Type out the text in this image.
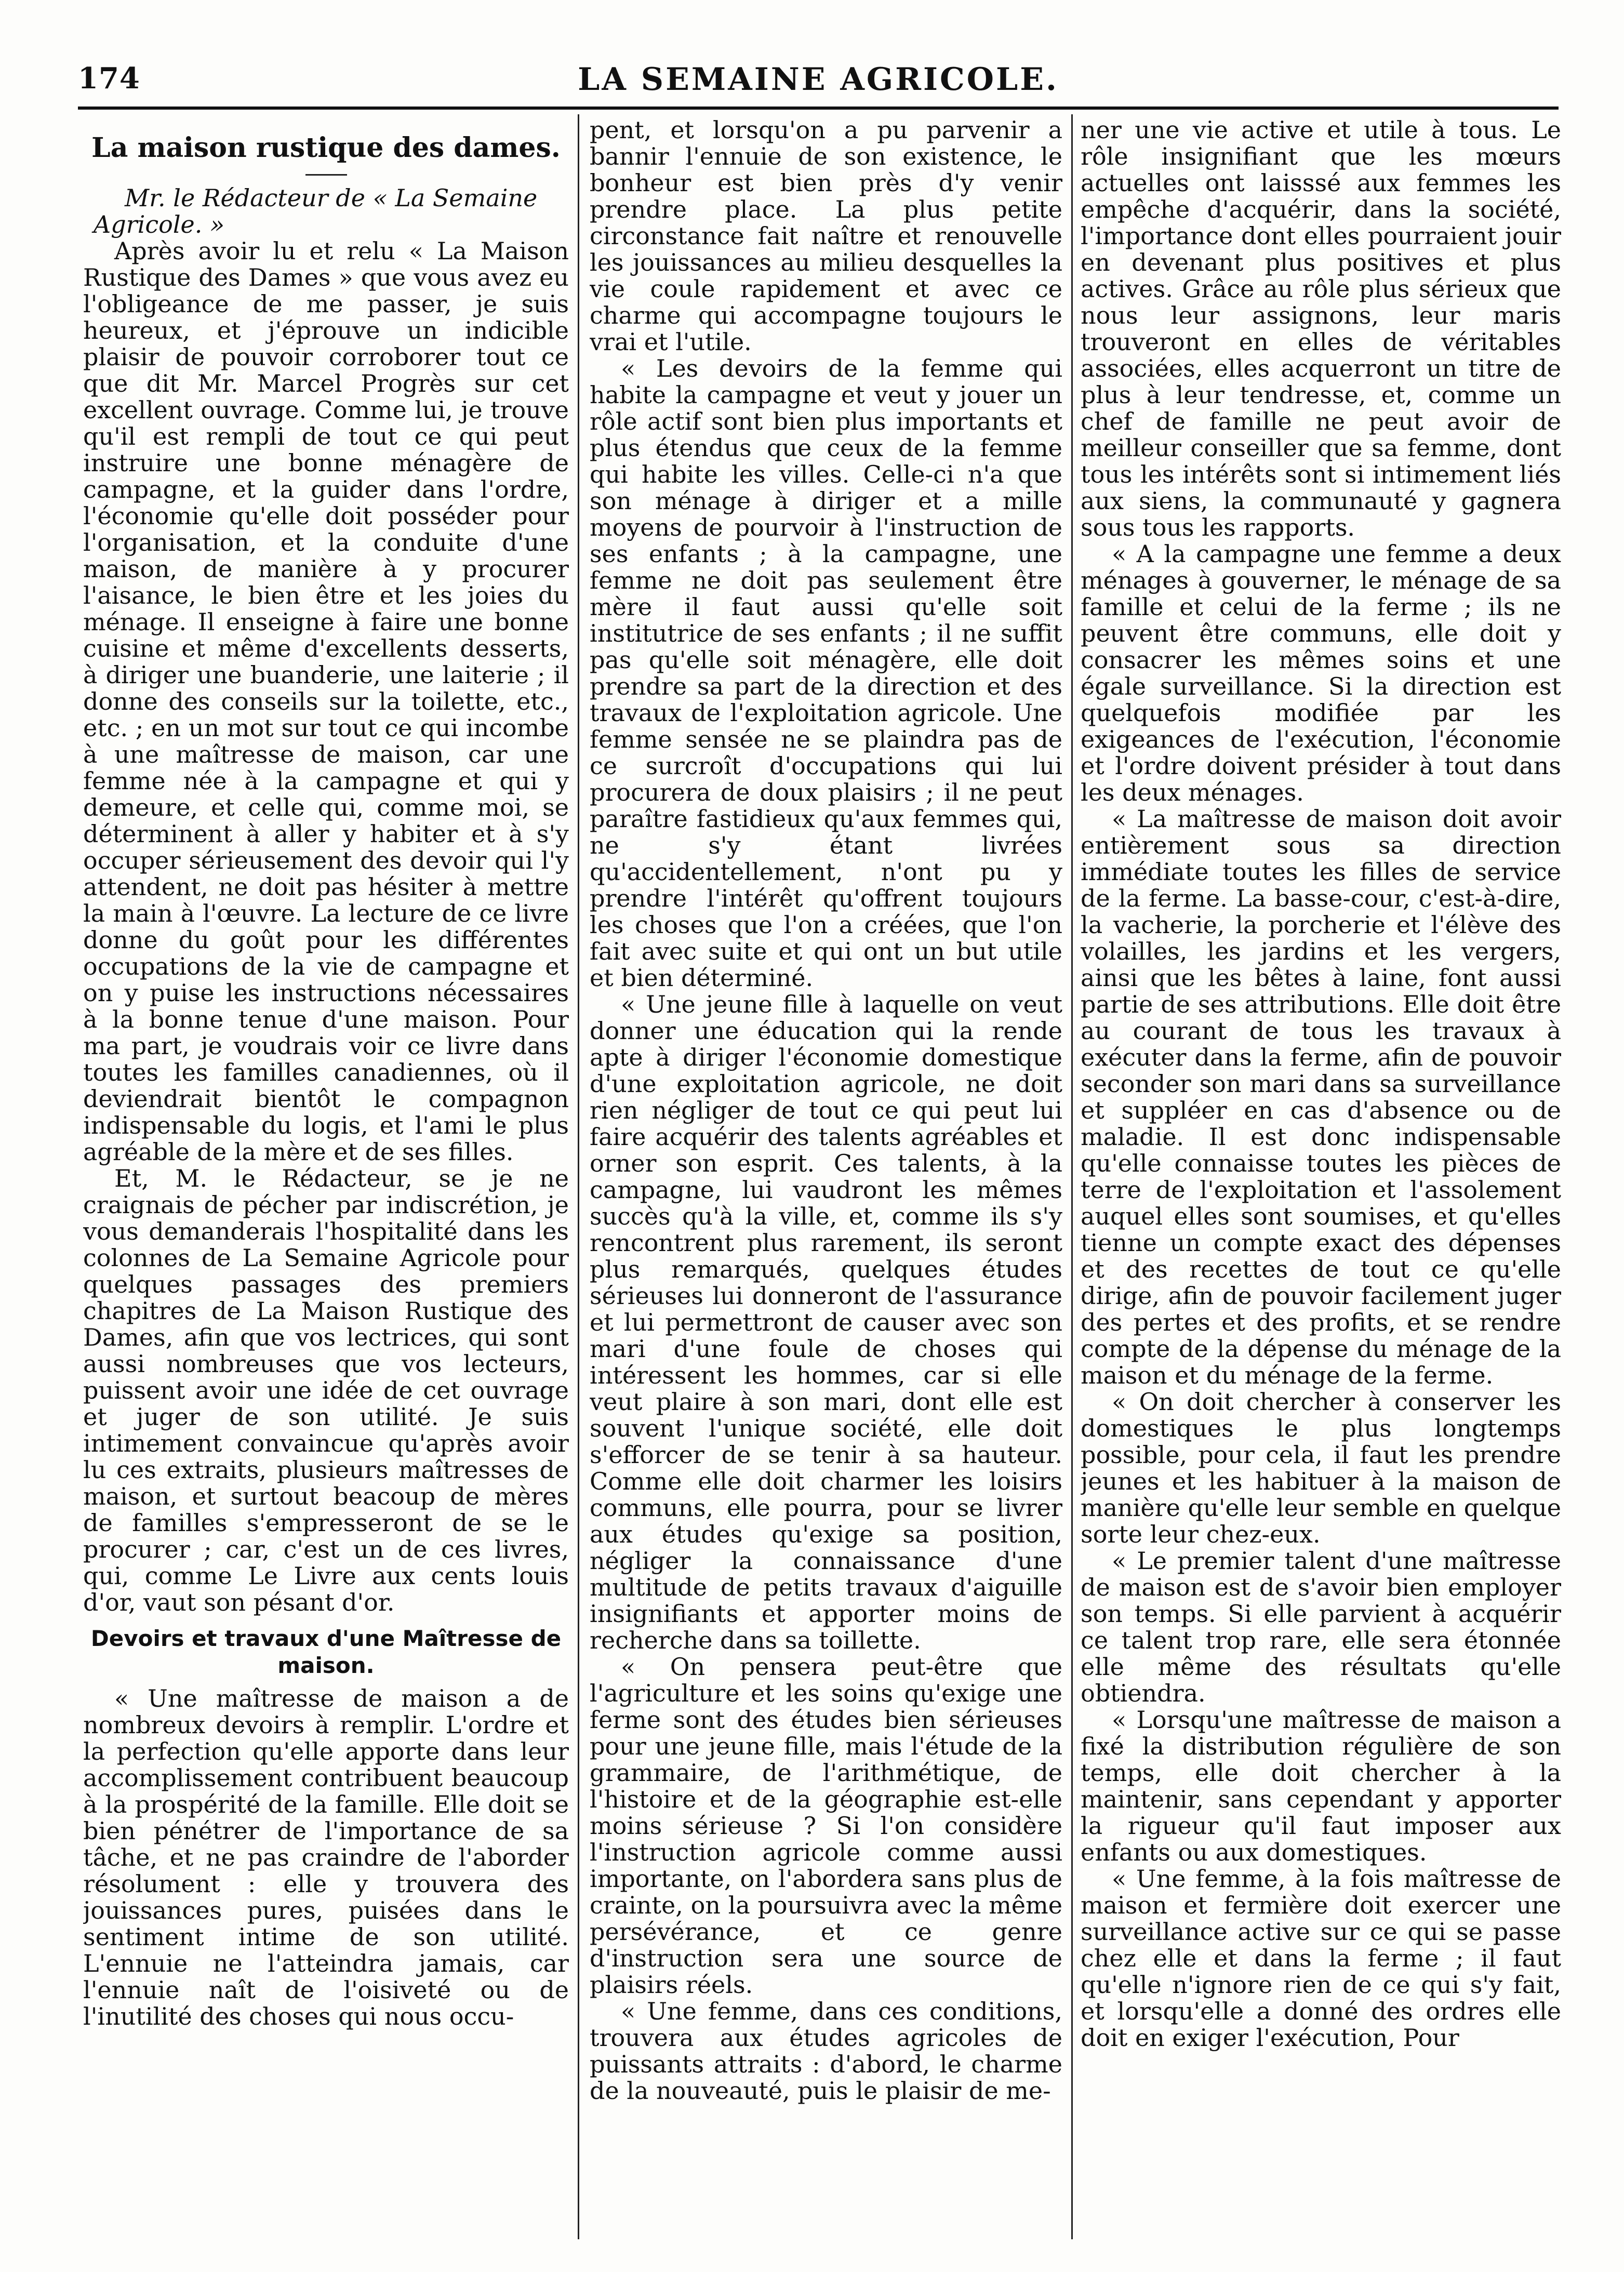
174	LA SEMAINE AGRICOLE.
La maison rustique des dames.

Mr. le Rédacteur de « La Semaine Agricole. »

Après avoir lu et relu « La Maison Rustique des Dames » que vous avez eu l'obligeance de me passer, je suis heureux, et j'éprouve un indicible plaisir de pouvoir corroborer tout ce que dit Mr. Marcel Progrès sur cet excellent ouvrage. Comme lui, je trouve qu'il est rempli de tout ce qui peut instruire une bonne ménagère de campagne, et la guider dans l'ordre, l'économie qu'elle doit posséder pour l'organisation, et la conduite d'une maison, de manière à y procurer l'aisance, le bien être et les joies du ménage. Il enseigne à faire une bonne cuisine et même d'excellents desserts, à diriger une buanderie, une laiterie ; il donne des conseils sur la toilette, etc., etc. ; en un mot sur tout ce qui incombe à une maîtresse de maison, car une femme née à la campagne et qui y demeure, et celle qui, comme moi, se déterminent à aller y habiter et à s'y occuper sérieusement des devoir qui l'y attendent, ne doit pas hésiter à mettre la main à l'œuvre. La lecture de ce livre donne du goût pour les différentes occupations de la vie de campagne et on y puise les instructions nécessaires à la bonne tenue d'une maison. Pour ma part, je voudrais voir ce livre dans toutes les familles canadiennes, où il deviendrait bientôt le compagnon indispensable du logis, et l'ami le plus agréable de la mère et de ses filles.

Et, M. le Rédacteur, se je ne craignais de pécher par indiscrétion, je vous demanderais l'hospitalité dans les colonnes de La Semaine Agricole pour quelques passages des premiers chapitres de La Maison Rustique des Dames, afin que vos lectrices, qui sont aussi nombreuses que vos lecteurs, puissent avoir une idée de cet ouvrage et juger de son utilité. Je suis intimement convaincue qu'après avoir lu ces extraits, plusieurs maîtresses de maison, et surtout beacoup de mères de familles s'empresseront de se le procurer ; car, c'est un de ces livres, qui, comme Le Livre aux cents louis d'or, vaut son pésant d'or.

Devoirs et travaux d'une Maîtresse de maison.

« Une maîtresse de maison a de nombreux devoirs à remplir. L'ordre et la perfection qu'elle apporte dans leur accomplissement contribuent beaucoup à la prospérité de la famille. Elle doit se bien pénétrer de l'importance de sa tâche, et ne pas craindre de l'aborder résolument : elle y trouvera des jouissances pures, puisées dans le sentiment intime de son utilité. L'ennuie ne l'atteindra jamais, car l'ennuie naît de l'oisiveté ou de l'inutilité des choses qui nous occu-

pent, et lorsqu'on a pu parvenir a bannir l'ennuie de son existence, le bonheur est bien près d'y venir prendre place. La plus petite circonstance fait naître et renouvelle les jouissances au milieu desquelles la vie coule rapidement et avec ce charme qui accompagne toujours le vrai et l'utile.

« Les devoirs de la femme qui habite la campagne et veut y jouer un rôle actif sont bien plus importants et plus étendus que ceux de la femme qui habite les villes. Celle-ci n'a que son ménage à diriger et a mille moyens de pourvoir à l'instruction de ses enfants ; à la campagne, une femme ne doit pas seulement être mère il faut aussi qu'elle soit institutrice de ses enfants ; il ne suffit pas qu'elle soit ménagère, elle doit prendre sa part de la direction et des travaux de l'exploitation agricole. Une femme sensée ne se plaindra pas de ce surcroît d'occupations qui lui procurera de doux plaisirs ; il ne peut paraître fastidieux qu'aux femmes qui, ne s'y étant livrées qu'accidentellement, n'ont pu y prendre l'intérêt qu'offrent toujours les choses que l'on a créées, que l'on fait avec suite et qui ont un but utile et bien déterminé.

« Une jeune fille à laquelle on veut donner une éducation qui la rende apte à diriger l'économie domestique d'une exploitation agricole, ne doit rien négliger de tout ce qui peut lui faire acquérir des talents agréables et orner son esprit. Ces talents, à la campagne, lui vaudront les mêmes succès qu'à la ville, et, comme ils s'y rencontrent plus rarement, ils seront plus remarqués, quelques études sérieuses lui donneront de l'assurance et lui permettront de causer avec son mari d'une foule de choses qui intéressent les hommes, car si elle veut plaire à son mari, dont elle est souvent l'unique société, elle doit s'efforcer de se tenir à sa hauteur. Comme elle doit charmer les loisirs communs, elle pourra, pour se livrer aux études qu'exige sa position, négliger la connaissance d'une multitude de petits travaux d'aiguille insignifiants et apporter moins de recherche dans sa toillette.

« On pensera peut-être que l'agriculture et les soins qu'exige une ferme sont des études bien sérieuses pour une jeune fille, mais l'étude de la grammaire, de l'arithmétique, de l'histoire et de la géographie est-elle moins sérieuse ? Si l'on considère l'instruction agricole comme aussi importante, on l'abordera sans plus de crainte, on la poursuivra avec la même persévérance, et ce genre d'instruction sera une source de plaisirs réels.

« Une femme, dans ces conditions, trouvera aux études agricoles de puissants attraits : d'abord, le charme de la nouveauté, puis le plaisir de me-

ner une vie active et utile à tous. Le rôle insignifiant que les mœurs actuelles ont laisssé aux femmes les empêche d'acquérir, dans la société, l'importance dont elles pourraient jouir en devenant plus positives et plus actives. Grâce au rôle plus sérieux que nous leur assignons, leur maris trouveront en elles de véritables associées, elles acquerront un titre de plus à leur tendresse, et, comme un chef de famille ne peut avoir de meilleur conseiller que sa femme, dont tous les intérêts sont si intimement liés aux siens, la communauté y gagnera sous tous les rapports.

« A la campagne une femme a deux ménages à gouverner, le ménage de sa famille et celui de la ferme ; ils ne peuvent être communs, elle doit y consacrer les mêmes soins et une égale surveillance. Si la direction est quelquefois modifiée par les exigeances de l'exécution, l'économie et l'ordre doivent présider à tout dans les deux ménages.

« La maîtresse de maison doit avoir entièrement sous sa direction immédiate toutes les filles de service de la ferme. La basse-cour, c'est-à-dire, la vacherie, la porcherie et l'élève des volailles, les jardins et les vergers, ainsi que les bêtes à laine, font aussi partie de ses attributions. Elle doit être au courant de tous les travaux à exécuter dans la ferme, afin de pouvoir seconder son mari dans sa surveillance et suppléer en cas d'absence ou de maladie. Il est donc indispensable qu'elle connaisse toutes les pièces de terre de l'exploitation et l'assolement auquel elles sont soumises, et qu'elles tienne un compte exact des dépenses et des recettes de tout ce qu'elle dirige, afin de pouvoir facilement juger des pertes et des profits, et se rendre compte de la dépense du ménage de la maison et du ménage de la ferme.

« On doit chercher à conserver les domestiques le plus longtemps possible, pour cela, il faut les prendre jeunes et les habituer à la maison de manière qu'elle leur semble en quelque sorte leur chez-eux.

« Le premier talent d'une maîtresse de maison est de s'avoir bien employer son temps. Si elle parvient à acquérir ce talent trop rare, elle sera étonnée elle même des résultats qu'elle obtiendra.

« Lorsqu'une maîtresse de maison a fixé la distribution régulière de son temps, elle doit chercher à la maintenir, sans cependant y apporter la rigueur qu'il faut imposer aux enfants ou aux domestiques.

« Une femme, à la fois maîtresse de maison et fermière doit exercer une surveillance active sur ce qui se passe chez elle et dans la ferme ; il faut qu'elle n'ignore rien de ce qui s'y fait, et lorsqu'elle a donné des ordres elle doit en exiger l'exécution, Pour
